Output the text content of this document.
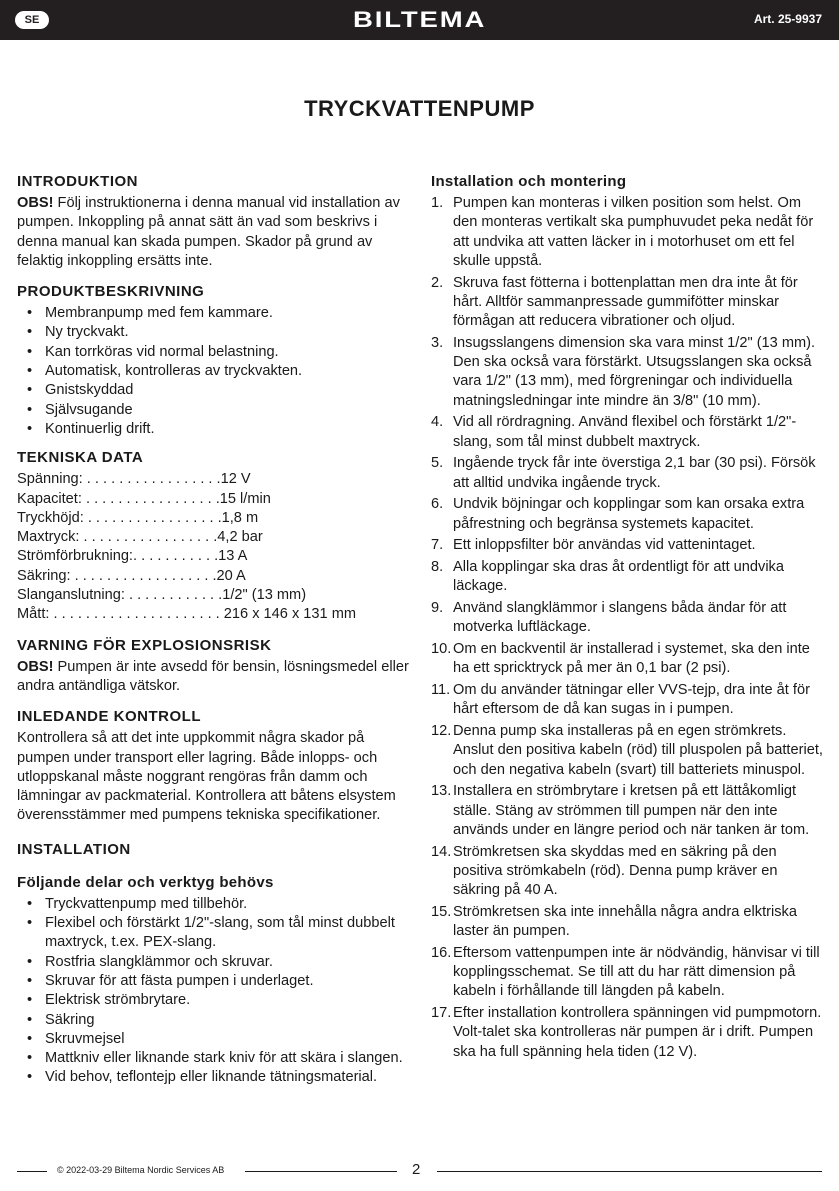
SE	BILTEMA	Art. 25-9937
TRYCKVATTENPUMP
INTRODUKTION

OBS! Följ instruktionerna i denna manual vid installation av pumpen. Inkoppling på annat sätt än vad som beskrivs i denna manual kan skada pumpen. Skador på grund av felaktig inkoppling ersätts inte.

PRODUKTBESKRIVNING
• Membranpump med fem kammare.
• Ny tryckvakt.
• Kan torrköras vid normal belastning.
• Automatisk, kontrolleras av tryckvakten.
• Gnistskyddad
• Självsugande
• Kontinuerlig drift.
TEKNISKA DATA
Spänning: . . . . . . . . . . . . . . . . .12 V
Kapacitet: . . . . . . . . . . . . . . . . .15 l/min
Tryckhöjd: . . . . . . . . . . . . . . . . .1,8 m
Maxtryck: . . . . . . . . . . . . . . . . .4,2 bar
Strömförbrukning:. . . . . . . . . . .13 A
Säkring: . . . . . . . . . . . . . . . . . .20 A
Slanganslutning: . . . . . . . . . . . .1/2" (13 mm)
Mått: . . . . . . . . . . . . . . . . . . . . . 216 x 146 x 131 mm
VARNING FÖR EXPLOSIONSRISK

OBS! Pumpen är inte avsedd för bensin, lösningsmedel eller andra antändliga vätskor.

INLEDANDE KONTROLL

Kontrollera så att det inte uppkommit några skador på pumpen under transport eller lagring. Både inlopps- och utloppskanal måste noggrant rengöras från damm och lämningar av packmaterial. Kontrollera att båtens elsystem överensstämmer med pumpens tekniska specifikationer.

INSTALLATION
Följande delar och verktyg behövs
• Tryckvattenpump med tillbehör.
• Flexibel och förstärkt 1/2"-slang, som tål minst dubbelt maxtryck, t.ex. PEX-slang.
• Rostfria slangklämmor och skruvar.
• Skruvar för att fästa pumpen i underlaget.
• Elektrisk strömbrytare.
• Säkring
• Skruvmejsel
• Mattkniv eller liknande stark kniv för att skära i slangen.
• Vid behov, teflontejp eller liknande tätningsmaterial.
Installation och montering
1. Pumpen kan monteras i vilken position som helst. Om den monteras vertikalt ska pumphuvudet peka nedåt för att undvika att vatten läcker in i motorhuset om ett fel skulle uppstå.
2. Skruva fast fötterna i bottenplattan men dra inte åt för hårt. Alltför sammanpressade gummifötter minskar förmågan att reducera vibrationer och oljud.
3. Insugsslangens dimension ska vara minst 1/2" (13 mm). Den ska också vara förstärkt. Utsugsslangen ska också vara 1/2" (13 mm), med förgreningar och individuella matningsledningar inte mindre än 3/8" (10 mm).
4. Vid all rördragning. Använd flexibel och förstärkt 1/2"-slang, som tål minst dubbelt maxtryck.
5. Ingående tryck får inte överstiga 2,1 bar (30 psi). Försök att alltid undvika ingående tryck.
6. Undvik böjningar och kopplingar som kan orsaka extra påfrestning och begränsa systemets kapacitet.
7. Ett inloppsfilter bör användas vid vattenintaget.
8. Alla kopplingar ska dras åt ordentligt för att undvika läckage.
9. Använd slangklämmor i slangens båda ändar för att motverka luftläckage.
10. Om en backventil är installerad i systemet, ska den inte ha ett spricktryck på mer än 0,1 bar (2 psi).
11. Om du använder tätningar eller VVS-tejp, dra inte åt för hårt eftersom de då kan sugas in i pumpen.
12. Denna pump ska installeras på en egen strömkrets. Anslut den positiva kabeln (röd) till pluspolen på batteriet, och den negativa kabeln (svart) till batteriets minuspol.
13. Installera en strömbrytare i kretsen på ett lättåkomligt ställe. Stäng av strömmen till pumpen när den inte används under en längre period och när tanken är tom.
14. Strömkretsen ska skyddas med en säkring på den positiva strömkabeln (röd). Denna pump kräver en säkring på 40 A.
15. Strömkretsen ska inte innehålla några andra elktriska laster än pumpen.
16. Eftersom vattenpumpen inte är nödvändig, hänvisar vi till kopplingsschemat. Se till att du har rätt dimension på kabeln i förhållande till längden på kabeln.
17. Efter installation kontrollera spänningen vid pumpmotorn. Volt-talet ska kontrolleras när pumpen är i drift. Pumpen ska ha full spänning hela tiden (12 V).
© 2022-03-29 Biltema Nordic Services AB	2
